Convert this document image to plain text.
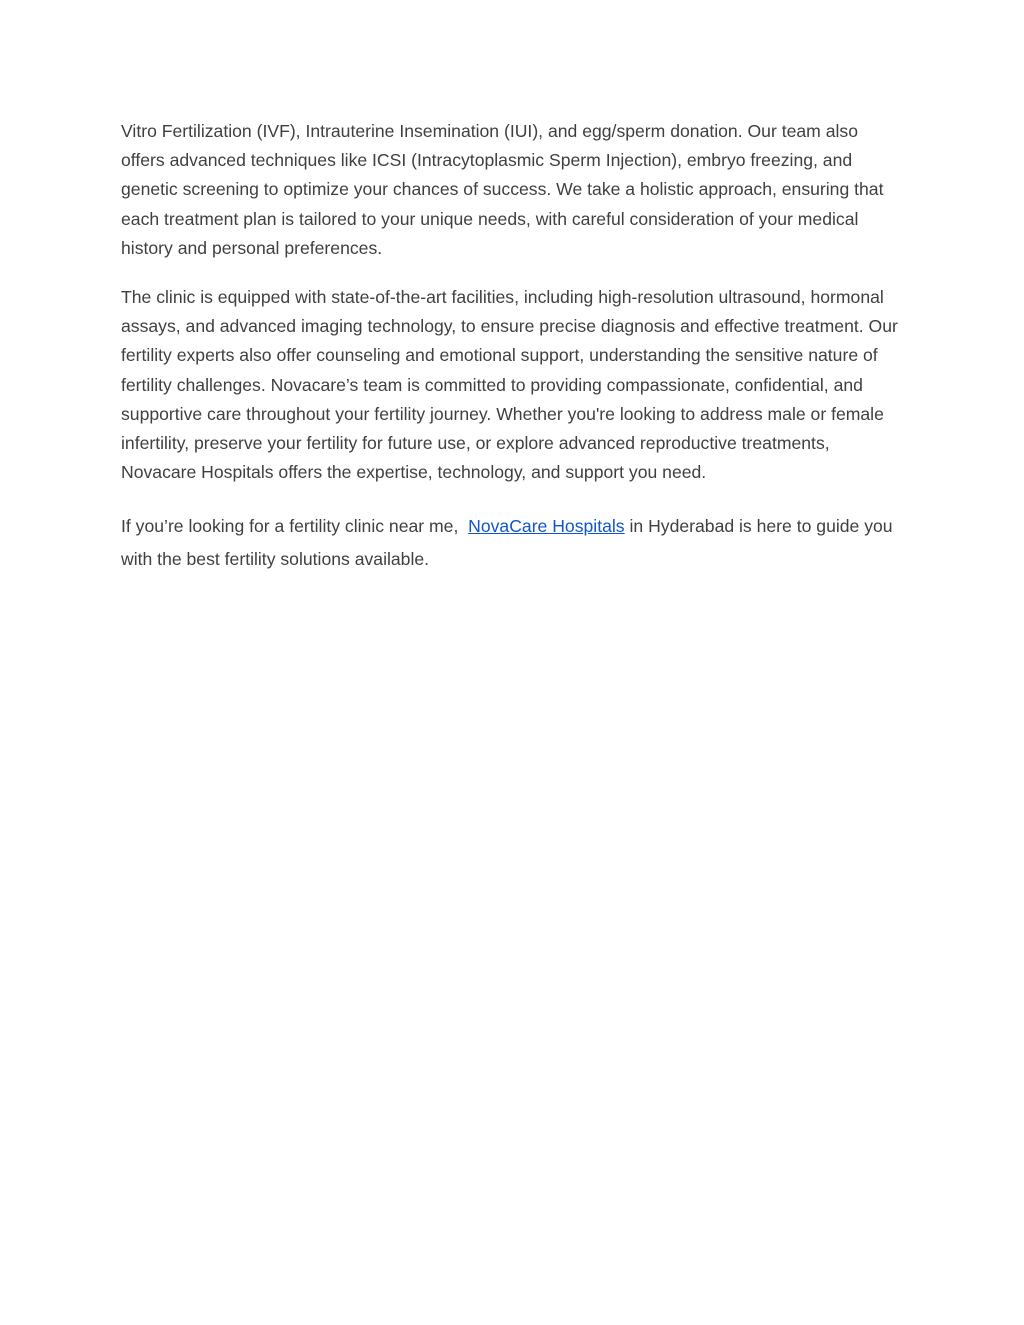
Vitro Fertilization (IVF), Intrauterine Insemination (IUI), and egg/sperm donation. Our team also offers advanced techniques like ICSI (Intracytoplasmic Sperm Injection), embryo freezing, and genetic screening to optimize your chances of success. We take a holistic approach, ensuring that each treatment plan is tailored to your unique needs, with careful consideration of your medical history and personal preferences.

The clinic is equipped with state-of-the-art facilities, including high-resolution ultrasound, hormonal assays, and advanced imaging technology, to ensure precise diagnosis and effective treatment. Our fertility experts also offer counseling and emotional support, understanding the sensitive nature of fertility challenges. Novacare’s team is committed to providing compassionate, confidential, and supportive care throughout your fertility journey. Whether you're looking to address male or female infertility, preserve your fertility for future use, or explore advanced reproductive treatments, Novacare Hospitals offers the expertise, technology, and support you need.

If you’re looking for a fertility clinic near me,  NovaCare Hospitals in Hyderabad is here to guide you with the best fertility solutions available.
